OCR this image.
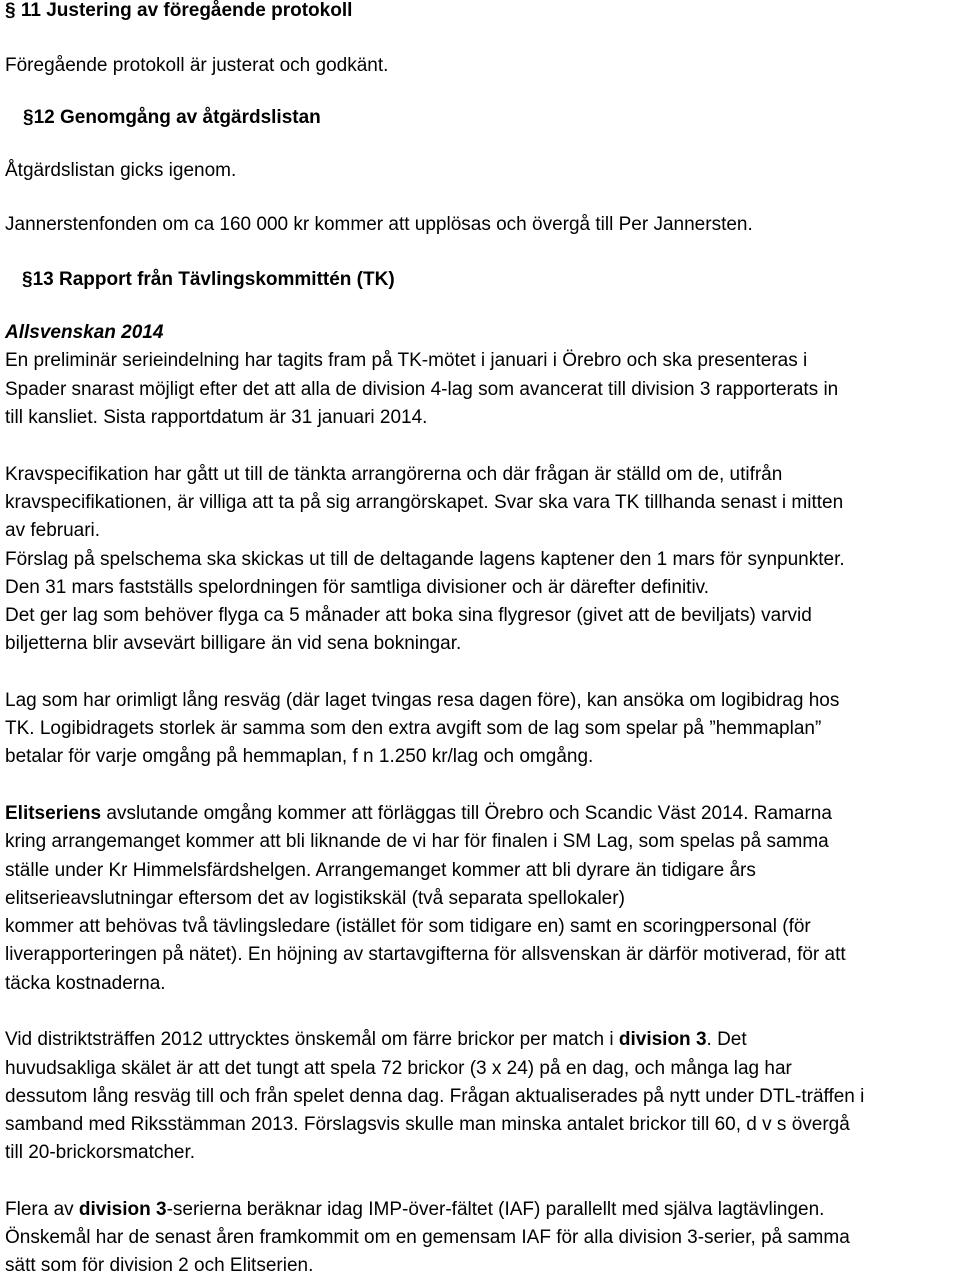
§ 11 Justering av föregående protokoll
Föregående protokoll är justerat och godkänt.
§12 Genomgång av åtgärdslistan
Åtgärdslistan gicks igenom.
Jannerstenfonden om ca 160 000 kr kommer att upplösas och övergå till Per Jannersten.
§13 Rapport från Tävlingskommittén (TK)
Allsvenskan 2014
En preliminär serieindelning har tagits fram på TK-mötet i januari i Örebro och ska presenteras i
Spader snarast möjligt efter det att alla de division 4-lag som avancerat till division 3 rapporterats in
till kansliet. Sista rapportdatum är 31 januari 2014.
Kravspecifikation har gått ut till de tänkta arrangörerna och där frågan är ställd om de, utifrån
kravspecifikationen, är villiga att ta på sig arrangörskapet. Svar ska vara TK tillhanda senast i mitten
av februari.
Förslag på spelschema ska skickas ut till de deltagande lagens kaptener den 1 mars för synpunkter.
Den 31 mars fastställs spelordningen för samtliga divisioner och är därefter definitiv.
Det ger lag som behöver flyga ca 5 månader att boka sina flygresor (givet att de beviljats) varvid
biljetterna blir avsevärt billigare än vid sena bokningar.
Lag som har orimligt lång resväg (där laget tvingas resa dagen före), kan ansöka om logibidrag hos
TK. Logibidragets storlek är samma som den extra avgift som de lag som spelar på ”hemmaplan”
betalar för varje omgång på hemmaplan, f n 1.250 kr/lag och omgång.
Elitseriens avslutande omgång kommer att förläggas till Örebro och Scandic Väst 2014. Ramarna
kring arrangemanget kommer att bli liknande de vi har för finalen i SM Lag, som spelas på samma
ställe under Kr Himmelsfärdshelgen. Arrangemanget kommer att bli dyrare än tidigare års
elitserieavslutningar eftersom det av logistikskäl (två separata spellokaler)
kommer att behövas två tävlingsledare (istället för som tidigare en) samt en scoringpersonal (för
liverapporteringen på nätet). En höjning av startavgifterna för allsvenskan är därför motiverad, för att
täcka kostnaderna.
Vid distriktsträffen 2012 uttrycktes önskemål om färre brickor per match i division 3. Det
huvudsakliga skälet är att det tungt att spela 72 brickor (3 x 24) på en dag, och många lag har
dessutom lång resväg till och från spelet denna dag. Frågan aktualiserades på nytt under DTL-träffen i
samband med Riksstämman 2013. Förslagsvis skulle man minska antalet brickor till 60, d v s övergå
till 20-brickorsmatcher.
Flera av division 3-serierna beräknar idag IMP-över-fältet (IAF) parallellt med själva lagtävlingen.
Önskemål har de senast åren framkommit om en gemensam IAF för alla division 3-serier, på samma
sätt som för division 2 och Elitserien.
